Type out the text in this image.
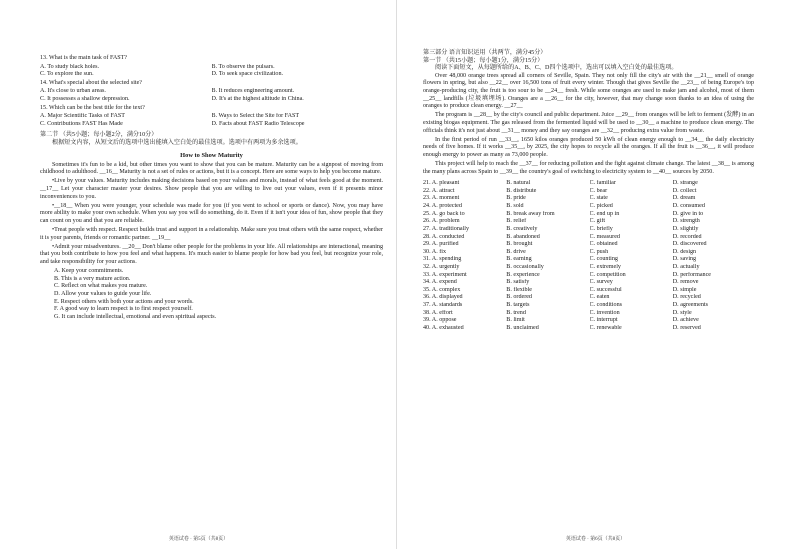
13. What is the main task of FAST?
A. To study black holes.	B. To observe the pulsars.
C. To explore the sun.	D. To seek space civilization.
14. What's special about the selected site?
A. It's close to urban areas.	B. It reduces engineering amount.
C. It possesses a shallow depression.	D. It's at the highest altitude in China.
15. Which can be the best title for the text?
A. Major Scientific Tasks of FAST	B. Ways to Select the Site for FAST
C. Contributions FAST Has Made	D. Facts about FAST Radio Telescope
第二节 （共5小题；每小题2分，满分10分）
根据短文内容，从短文后的选项中选出能填入空白处的最佳选项。选项中有两项为多余选项。
How to Show Maturity

Sometimes it's fun to be a kid, but other times you want to show that you can be mature. Maturity can be a signpost of moving from childhood to adulthood. __16__ Maturity is not a set of rules or actions, but it is a concept. Here are some ways to help you become mature.

•Live by your values. Maturity includes making decisions based on your values and morals, instead of what feels good at the moment. __17__ Let your character master your desires. Show people that you are willing to live out your values, even if it presents minor inconveniences to you.

•__18__ When you were younger, your schedule was made for you (if you went to school or sports or dance). Now, you may have more ability to make your own schedule. When you say you will do something, do it. Even if it isn't your idea of fun, show people that they can count on you and that you are reliable.

•Treat people with respect. Respect builds trust and support in a relationship. Make sure you treat others with the same respect, whether it is your parents, friends or romantic partner. __19__

•Admit your misadventures. __20__ Don't blame other people for the problems in your life. All relationships are interactional, meaning that you both contribute to how you feel and what happens. It's much easier to blame people for how bad you feel, but recognize your role, and take responsibility for your actions.

A. Keep your commitments.
B. This is a very mature action.
C. Reflect on what makes you mature.
D. Allow your values to guide your life.
E. Respect others with both your actions and your words.
F. A good way to learn respect is to first respect yourself.
G. It can include intellectual, emotional and even spiritual aspects.
英语试卷 · 第5页（共8页）
第三部分 语言知识运用（共两节，满分45分）
第一节 （共15小题；每小题1分，满分15分）
阅读下面短文，从每题所给的A、B、C、D四个选项中，选出可以填入空白处的最佳选项。

Over 48,000 orange trees spread all corners of Seville, Spain. They not only fill the city's air with the __21__ smell of orange flowers in spring, but also __22__ over 16,500 tons of fruit every winter. Though that gives Seville the __23__ of being Europe's top orange-producing city, the fruit is too sour to be __24__ fresh. While some oranges are used to make jam and alcohol, most of them __25__ landfills (垃圾填埋场). Oranges are a __26__ for the city, however, that may change soon thanks to an idea of using the oranges to produce clean energy. __27__

The program is __28__ by the city's council and public department. Juice __29__ from oranges will be left to ferment (发酵) in an existing biogas equipment. The gas released from the fermented liquid will be used to __30__ a machine to produce clean energy. The officials think it's not just about __31__ money and they say oranges are __32__ producing extra value from waste.

In the first period of run __33__, 1650 kilos oranges produced 50 kWh of clean energy enough to __34__ the daily electricity needs of five homes. If it works __35__, by 2025, the city hopes to recycle all the oranges. If all the fruit is __36__, it will produce enough energy to power as many as 73,000 people.

This project will help to reach the __37__ for reducing pollution and the fight against climate change. The latest __38__ is among the many plans across Spain to __39__ the country's goal of switching to electricity system to __40__ sources by 2050.

21. A. pleasant	B. natural	C. familiar	D. strange
22. A. attract	B. distribute	C. bear	D. collect
23. A. moment	B. pride	C. state	D. dream
24. A. protected	B. sold	C. picked	D. consumed
25. A. go back to	B. break away from	C. end up in	D. give in to
26. A. problem	B. relief	C. gift	D. strength
27. A. traditionally	B. creatively	C. briefly	D. slightly
28. A. conducted	B. abandoned	C. measured	D. recorded
29. A. purified	B. brought	C. obtained	D. discovered
30. A. fix	B. drive	C. push	D. design
31. A. spending	B. earning	C. counting	D. saving
32. A. urgently	B. occasionally	C. extremely	D. actually
33. A. experiment	B. experience	C. competition	D. performance
34. A. expend	B. satisfy	C. survey	D. remove
35. A. complex	B. flexible	C. successful	D. simple
36. A. displayed	B. ordered	C. eaten	D. recycled
37. A. standards	B. targets	C. conditions	D. agreements
38. A. effort	B. trend	C. invention	D. style
39. A. oppose	B. limit	C. interrupt	D. achieve
40. A. exhausted	B. unclaimed	C. renewable	D. reserved
英语试卷 · 第6页（共8页）
